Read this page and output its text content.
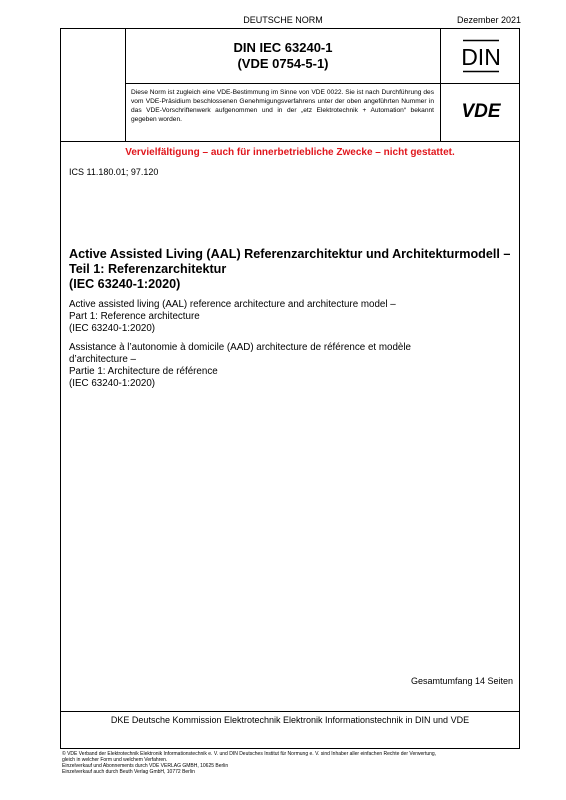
DEUTSCHE NORM	Dezember 2021
DIN IEC 63240-1
(VDE 0754-5-1)	DIN
Diese Norm ist zugleich eine VDE-Bestimmung im Sinne von VDE 0022. Sie ist nach Durchführung des vom VDE-Präsidium beschlossenen Genehmigungsverfahrens unter der oben angeführten Nummer in das VDE-Vorschriftenwerk aufgenommen und in der „etz Elektrotechnik + Automation“ bekannt gegeben worden.	VDE
Vervielfältigung – auch für innerbetriebliche Zwecke – nicht gestattet.
ICS 11.180.01; 97.120
Active Assisted Living (AAL) Referenzarchitektur und Architekturmodell –
Teil 1: Referenzarchitektur
(IEC 63240-1:2020)
Active assisted living (AAL) reference architecture and architecture model –
Part 1: Reference architecture
(IEC 63240-1:2020)
Assistance à l’autonomie à domicile (AAD) architecture de référence et modèle
d’architecture –
Partie 1: Architecture de référence
(IEC 63240-1:2020)
Gesamtumfang 14 Seiten
DKE Deutsche Kommission Elektrotechnik Elektronik Informationstechnik in DIN und VDE
© VDE Verband der Elektrotechnik Elektronik Informationstechnik e. V. und DIN Deutsches Institut für Normung e. V. sind Inhaber aller einfachen Rechte der Verwertung,
gleich in welcher Form und welchem Verfahren.
Einzelverkauf und Abonnements durch VDE VERLAG GMBH, 10625 Berlin
Einzelverkauf auch durch Beuth Verlag GmbH, 10772 Berlin
